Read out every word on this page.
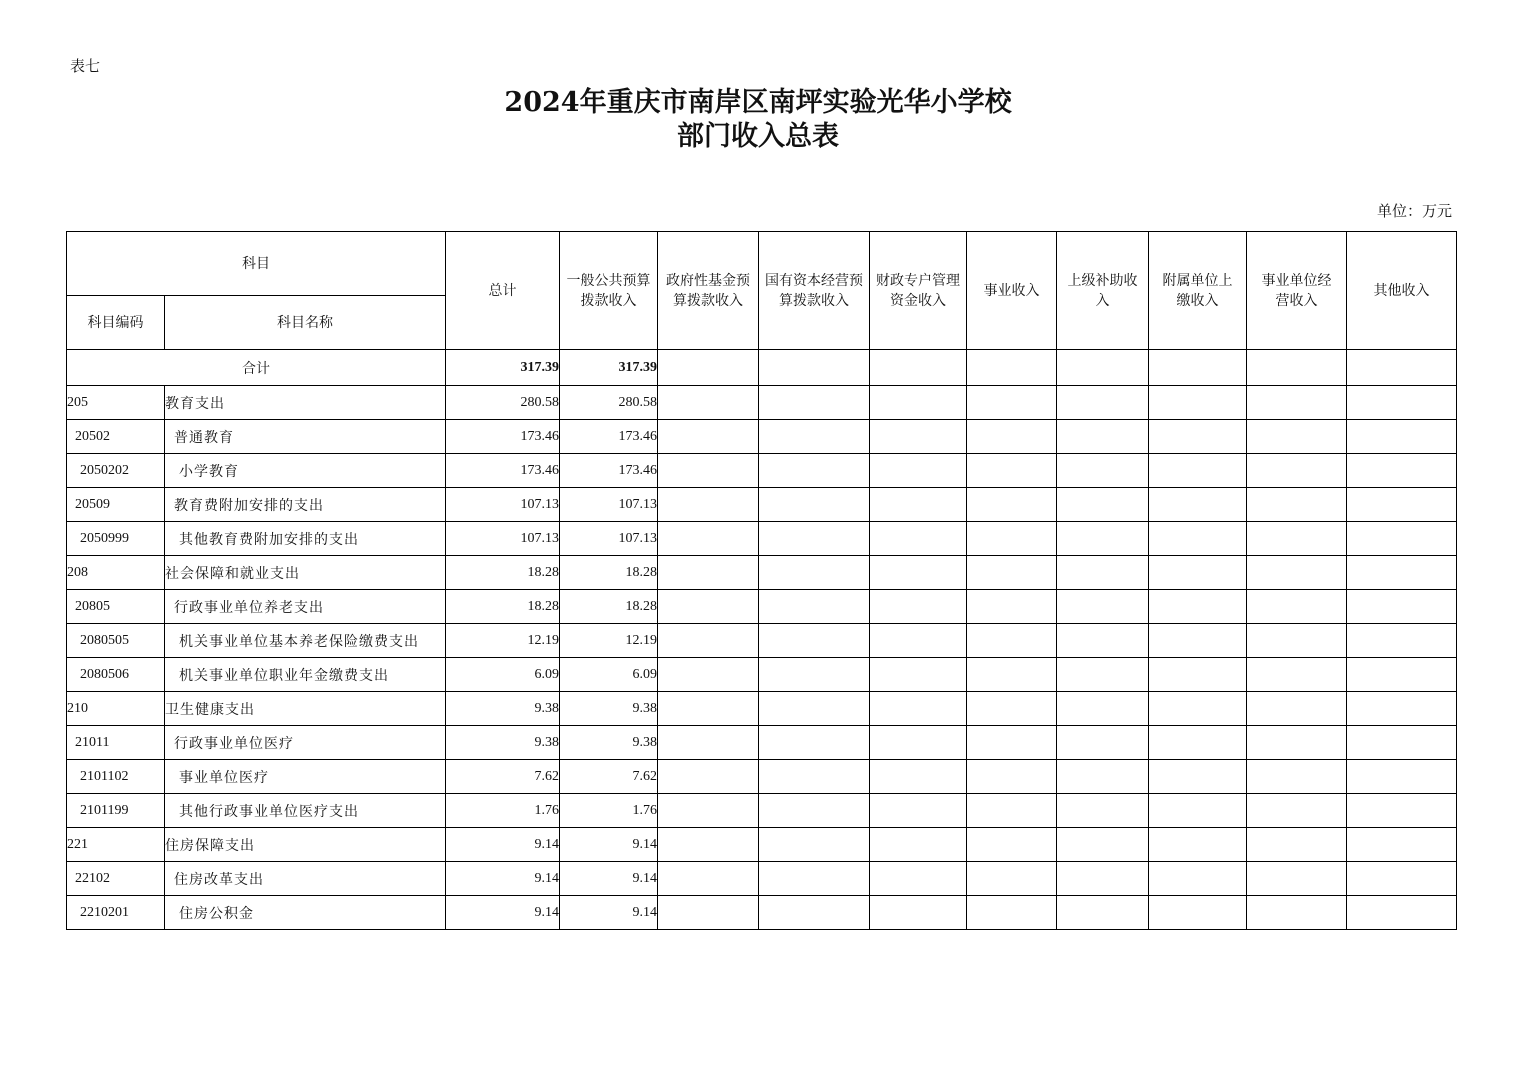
表七
2024年重庆市南岸区南坪实验光华小学校
部门收入总表
单位：万元
科目		总计	一般公共预算拨款收入	政府性基金预算拨款收入	国有资本经营预算拨款收入	财政专户管理资金收入	事业收入	上级补助收入	附属单位上缴收入	事业单位经营收入	其他收入
科目编码	科目名称										
合计		317.39	317.39								
205	教育支出	280.58	280.58								
20502	普通教育	173.46	173.46								
2050202	小学教育	173.46	173.46								
20509	教育费附加安排的支出	107.13	107.13								
2050999	其他教育费附加安排的支出	107.13	107.13								
208	社会保障和就业支出	18.28	18.28								
20805	行政事业单位养老支出	18.28	18.28								
2080505	机关事业单位基本养老保险缴费支出	12.19	12.19								
2080506	机关事业单位职业年金缴费支出	6.09	6.09								
210	卫生健康支出	9.38	9.38								
21011	行政事业单位医疗	9.38	9.38								
2101102	事业单位医疗	7.62	7.62								
2101199	其他行政事业单位医疗支出	1.76	1.76								
221	住房保障支出	9.14	9.14								
22102	住房改革支出	9.14	9.14								
2210201	住房公积金	9.14	9.14								
